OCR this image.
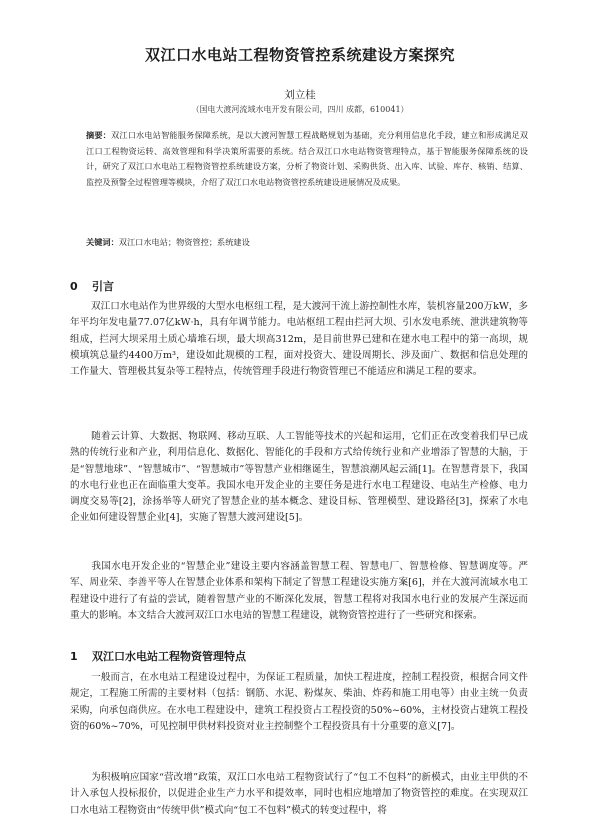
双江口水电站工程物资管控系统建设方案探究
刘立桂
（国电大渡河流域水电开发有限公司，四川 成都，610041）

摘要：双江口水电站智能服务保障系统，是以大渡河智慧工程战略规划为基础，充分利用信息化手段，建立和形成满足双江口工程物资运转、高效管理和科学决策所需要的系统。结合双江口水电站物资管理特点，基于智能服务保障系统的设计，研究了双江口水电站工程物资管控系统建设方案，分析了物资计划、采购供货、出入库、试验、库存、核销、结算、监控及预警全过程管理等模块，介绍了双江口水电站物资管控系统建设进展情况及成果。

关键词：双江口水电站；物资管控；系统建设
0 引言

双江口水电站作为世界级的大型水电枢纽工程，是大渡河干流上游控制性水库，装机容量200万kW，多年平均年发电量77.07亿kW·h，具有年调节能力。电站枢纽工程由拦河大坝、引水发电系统、泄洪建筑物等组成，拦河大坝采用土质心墙堆石坝，最大坝高312m，是目前世界已建和在建水电工程中的第一高坝，规模填筑总量约4400万m³，建设如此规模的工程，面对投资大、建设周期长、涉及面广、数据和信息处理的工作量大、管理极其复杂等工程特点，传统管理手段进行物资管理已不能适应和满足工程的要求。

随着云计算、大数据、物联网、移动互联、人工智能等技术的兴起和运用，它们正在改变着我们早已成熟的传统行业和产业，利用信息化、数据化、智能化的手段和方式给传统行业和产业增添了智慧的大脑，于是“智慧地球”、“智慧城市”、“智慧城市”等智慧产业相继诞生，智慧浪潮风起云涌[1]。在智慧背景下，我国的水电行业也正在面临重大变革。我国水电开发企业的主要任务是进行水电工程建设、电站生产检修、电力调度交易等[2]，涂扬举等人研究了智慧企业的基本概念、建设目标、管理模型、建设路径[3]，探索了水电企业如何建设智慧企业[4]，实施了智慧大渡河建设[5]。

我国水电开发企业的“智慧企业”建设主要内容涵盖智慧工程、智慧电厂、智慧检修、智慧调度等。严军、周业荣、李善平等人在智慧企业体系和架构下制定了智慧工程建设实施方案[6]，并在大渡河流域水电工程建设中进行了有益的尝试，随着智慧产业的不断深化发展，智慧工程将对我国水电行业的发展产生深远而重大的影响。本文结合大渡河双江口水电站的智慧工程建设，就物资管控进行了一些研究和探索。

1 双江口水电站工程物资管理特点

一般而言，在水电站工程建设过程中，为保证工程质量，加快工程进度，控制工程投资，根据合同文件规定，工程施工所需的主要材料（包括：钢筋、水泥、粉煤灰、柴油、炸药和施工用电等）由业主统一负责采购，向承包商供应。在水电工程建设中，建筑工程投资占工程投资的50%~60%，主材投资占建筑工程投资的60%~70%，可见控制甲供材料投资对业主控制整个工程投资具有十分重要的意义[7]。

为积极响应国家“营改增”政策，双江口水电站工程物资试行了“包工不包料”的新模式，由业主甲供的不计入承包人投标报价，以促进企业生产力水平和提效率，同时也相应地增加了物资管控的难度。在实现双江口水电站工程物资由“传统甲供”模式向“包工不包料”模式的转变过程中，将
